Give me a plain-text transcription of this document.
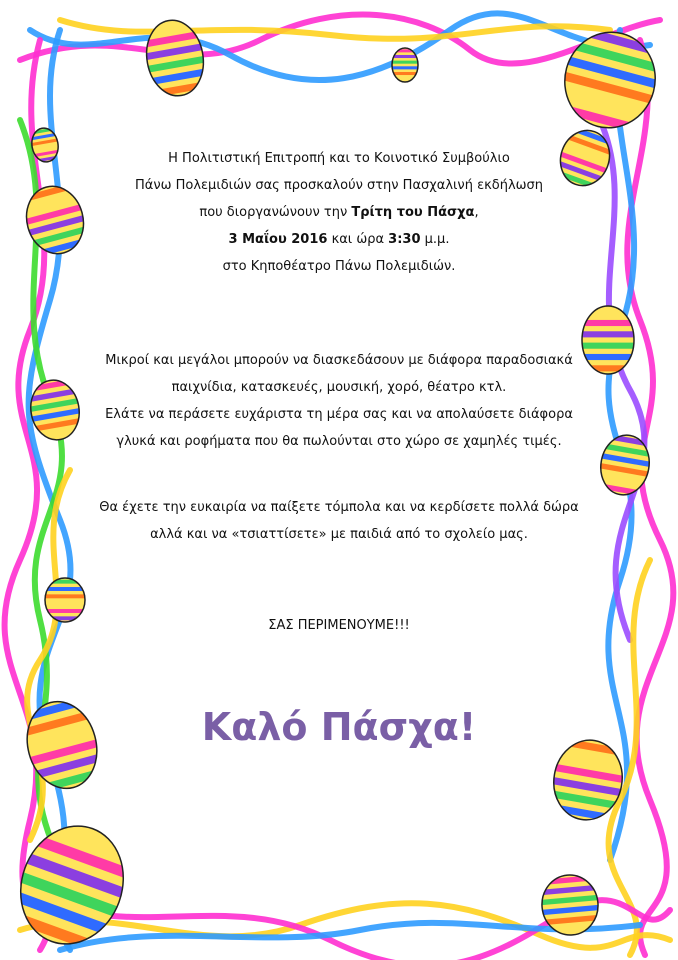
Η Πολιτιστική Επιτροπή και το Κοινοτικό Συμβούλιο
Πάνω Πολεμιδιών σας προσκαλούν στην Πασχαλινή εκδήλωση
που διοργανώνουν την Τρίτη του Πάσχα,
3 Μαΐου 2016 και ώρα 3:30 μ.μ.
στο Κηποθέατρο Πάνω Πολεμιδιών.
Μικροί και μεγάλοι μπορούν να διασκεδάσουν με διάφορα παραδοσιακά
παιχνίδια, κατασκευές, μουσική, χορό, θέατρο κτλ.
Ελάτε να περάσετε ευχάριστα τη μέρα σας και να απολαύσετε διάφορα
γλυκά και ροφήματα που θα πωλούνται στο χώρο σε χαμηλές τιμές.
Θα έχετε την ευκαιρία να παίξετε τόμπολα και να κερδίσετε πολλά δώρα
αλλά και να «τσιαττίσετε» με παιδιά από το σχολείο μας.
ΣΑΣ ΠΕΡΙΜΕΝΟΥΜΕ!!!
Καλό Πάσχα!
